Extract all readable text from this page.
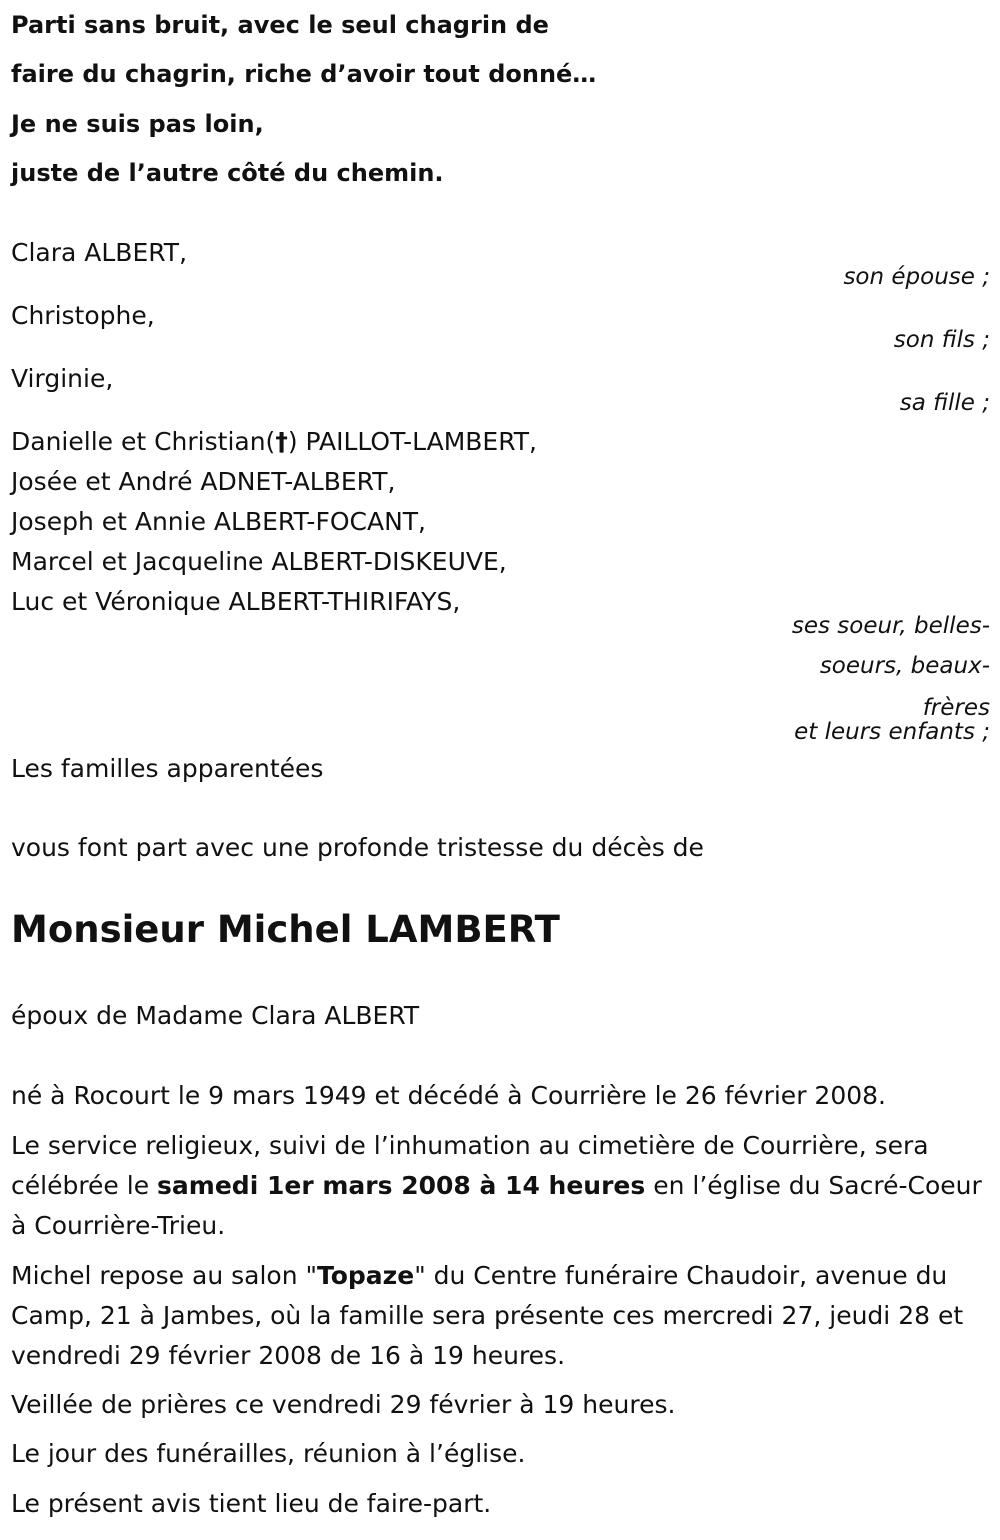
Parti sans bruit, avec le seul chagrin de

faire du chagrin, riche d’avoir tout donné…

Je ne suis pas loin,

juste de l’autre côté du chemin.

Clara ALBERT,

son épouse ;

Christophe,

son fils ;

Virginie,

sa fille ;

Danielle et Christian(†) PAILLOT-LAMBERT,

Josée et André ADNET-ALBERT,

Joseph et Annie ALBERT-FOCANT,

Marcel et Jacqueline ALBERT-DISKEUVE,

Luc et Véronique ALBERT-THIRIFAYS,

ses soeur, belles-
soeurs, beaux-
frères
et leurs enfants ;

Les familles apparentées

vous font part avec une profonde tristesse du décès de

Monsieur Michel LAMBERT

époux de Madame Clara ALBERT

né à Rocourt le 9 mars 1949 et décédé à Courrière le 26 février 2008.

Le service religieux, suivi de l’inhumation au cimetière de Courrière, sera célébrée le samedi 1er mars 2008 à 14 heures en l’église du Sacré-Coeur à Courrière-Trieu.

Michel repose au salon "Topaze" du Centre funéraire Chaudoir, avenue du Camp, 21 à Jambes, où la famille sera présente ces mercredi 27, jeudi 28 et vendredi 29 février 2008 de 16 à 19 heures.

Veillée de prières ce vendredi 29 février à 19 heures.

Le jour des funérailles, réunion à l’église.

Le présent avis tient lieu de faire-part.
